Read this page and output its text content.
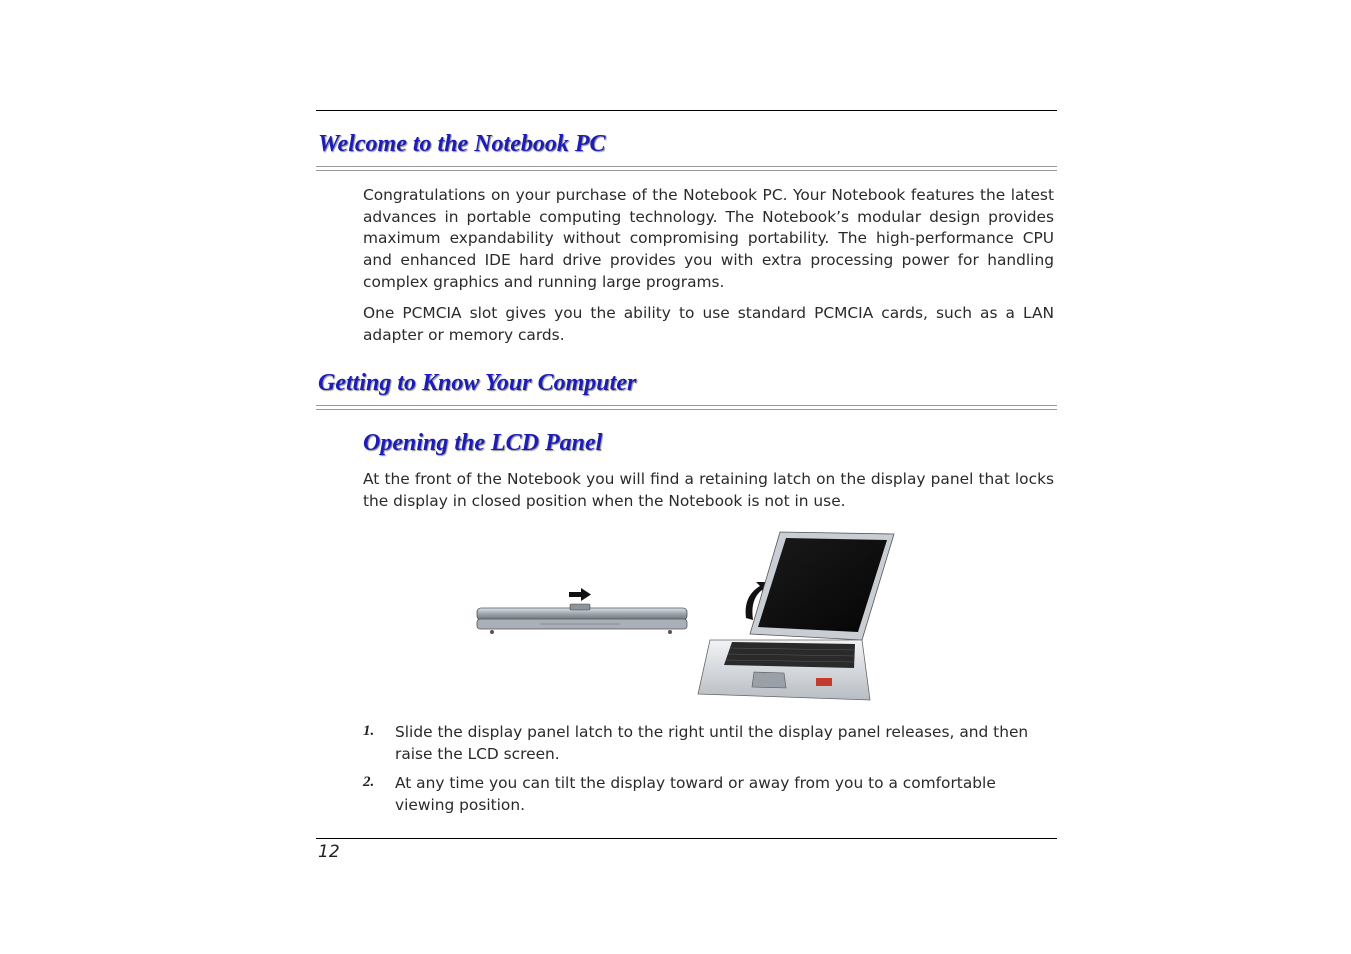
Welcome to the Notebook PC

Congratulations on your purchase of the Notebook PC. Your Notebook features the latest advances in portable computing technology. The Notebook’s modular design provides maximum expandability without compromising portability. The high-performance CPU and enhanced IDE hard drive provides you with extra processing power for handling complex graphics and running large programs.

One PCMCIA slot gives you the ability to use standard PCMCIA cards, such as a LAN adapter or memory cards.

Getting to Know Your Computer
Opening the LCD Panel

At the front of the Notebook you will find a retaining latch on the display panel that locks the display in closed position when the Notebook is not in use.

1. Slide the display panel latch to the right until the display panel releases, and then raise the LCD screen.
2. At any time you can tilt the display toward or away from you to a comfortable viewing position.
12
